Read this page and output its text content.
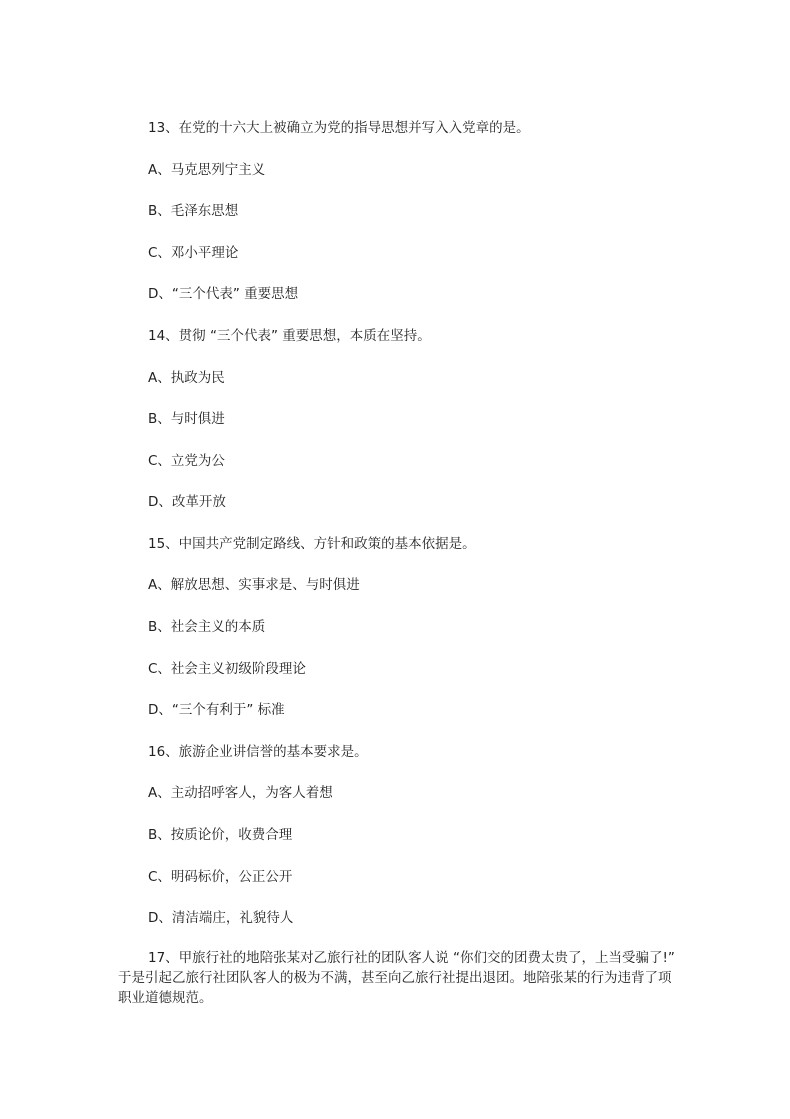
13、在党的十六大上被确立为党的指导思想并写入入党章的是。
A、马克思列宁主义
B、毛泽东思想
C、邓小平理论
D、“三个代表” 重要思想
14、贯彻 “三个代表” 重要思想，本质在坚持。
A、执政为民
B、与时俱进
C、立党为公
D、改革开放
15、中国共产党制定路线、方针和政策的基本依据是。
A、解放思想、实事求是、与时俱进
B、社会主义的本质
C、社会主义初级阶段理论
D、“三个有利于” 标准
16、旅游企业讲信誉的基本要求是。
A、主动招呼客人，为客人着想
B、按质论价，收费合理
C、明码标价，公正公开
D、清洁端庄，礼貌待人
17、甲旅行社的地陪张某对乙旅行社的团队客人说 “你们交的团费太贵了，上当受骗了!” 于是引起乙旅行社团队客人的极为不满，甚至向乙旅行社提出退团。地陪张某的行为违背了项职业道德规范。
